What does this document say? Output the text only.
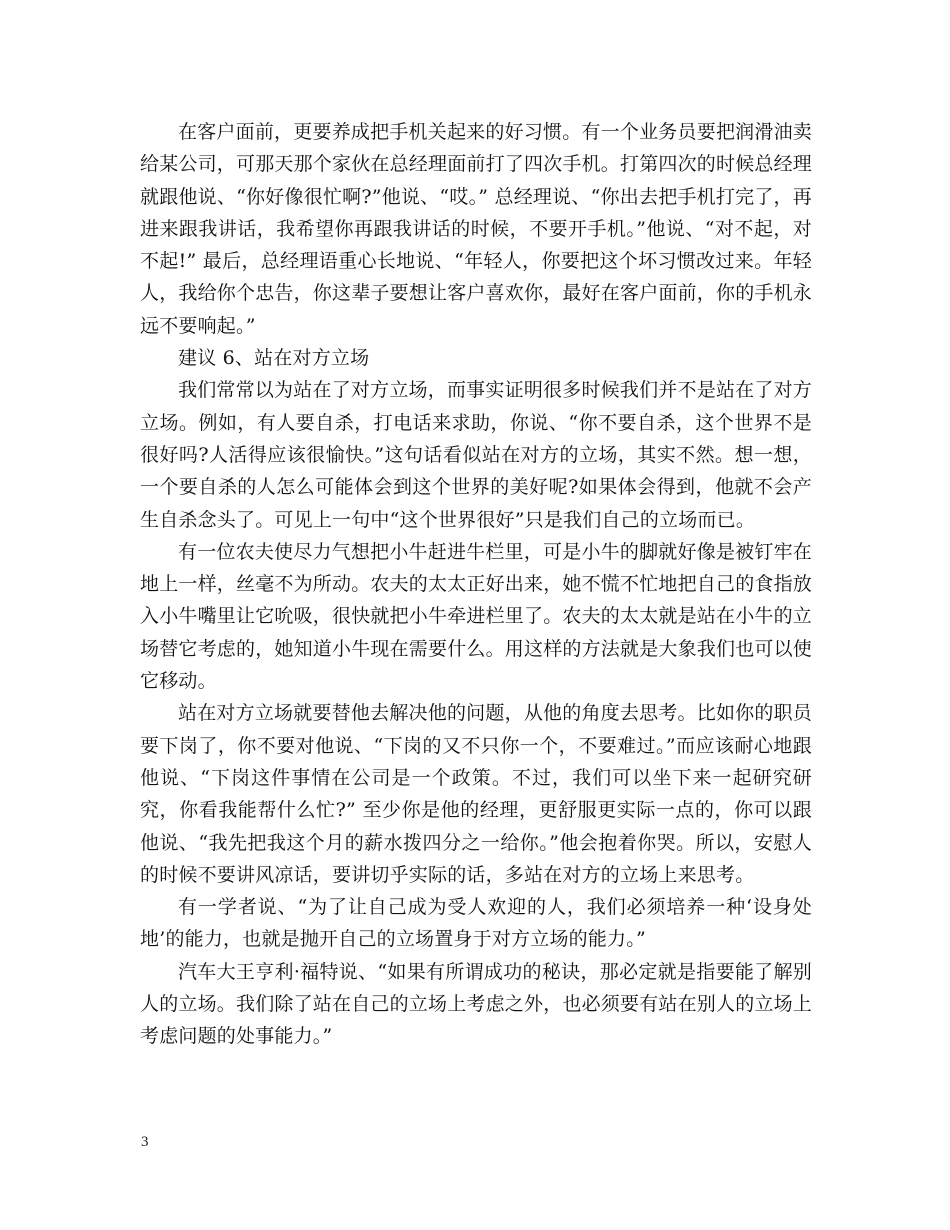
在客户面前，更要养成把手机关起来的好习惯。有一个业务员要把润滑油卖给某公司，可那天那个家伙在总经理面前打了四次手机。打第四次的时候总经理就跟他说、“你好像很忙啊?”他说、“哎。” 总经理说、“你出去把手机打完了，再进来跟我讲话，我希望你再跟我讲话的时候，不要开手机。”他说、“对不起，对不起!” 最后，总经理语重心长地说、“年轻人，你要把这个坏习惯改过来。年轻人，我给你个忠告，你这辈子要想让客户喜欢你，最好在客户面前，你的手机永远不要响起。”

建议 6、站在对方立场

我们常常以为站在了对方立场，而事实证明很多时候我们并不是站在了对方立场。例如，有人要自杀，打电话来求助，你说、“你不要自杀，这个世界不是很好吗?人活得应该很愉快。”这句话看似站在对方的立场，其实不然。想一想，一个要自杀的人怎么可能体会到这个世界的美好呢?如果体会得到，他就不会产生自杀念头了。可见上一句中“这个世界很好”只是我们自己的立场而已。

有一位农夫使尽力气想把小牛赶进牛栏里，可是小牛的脚就好像是被钉牢在地上一样，丝毫不为所动。农夫的太太正好出来，她不慌不忙地把自己的食指放入小牛嘴里让它吮吸，很快就把小牛牵进栏里了。农夫的太太就是站在小牛的立场替它考虑的，她知道小牛现在需要什么。用这样的方法就是大象我们也可以使它移动。

站在对方立场就要替他去解决他的问题，从他的角度去思考。比如你的职员要下岗了，你不要对他说、“下岗的又不只你一个，不要难过。”而应该耐心地跟他说、“下岗这件事情在公司是一个政策。不过，我们可以坐下来一起研究研究，你看我能帮什么忙?” 至少你是他的经理，更舒服更实际一点的，你可以跟他说、“我先把我这个月的薪水拨四分之一给你。”他会抱着你哭。所以，安慰人的时候不要讲风凉话，要讲切乎实际的话，多站在对方的立场上来思考。

有一学者说、“为了让自己成为受人欢迎的人，我们必须培养一种‘设身处地’的能力，也就是抛开自己的立场置身于对方立场的能力。”

汽车大王亨利·福特说、“如果有所谓成功的秘诀，那必定就是指要能了解别人的立场。我们除了站在自己的立场上考虑之外，也必须要有站在别人的立场上考虑问题的处事能力。”

3
